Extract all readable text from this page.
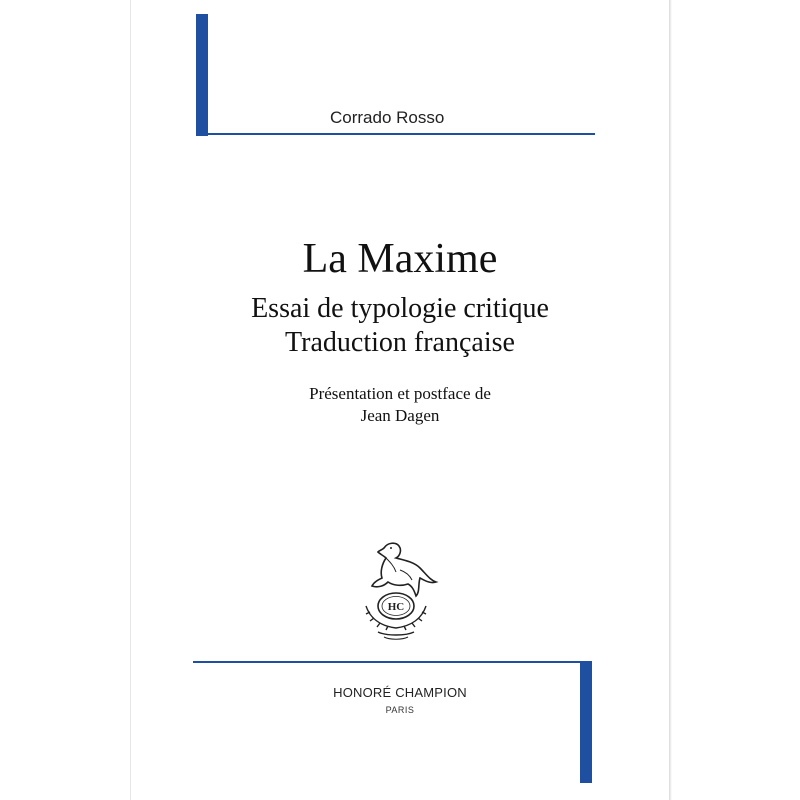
Corrado Rosso
La Maxime
Essai de typologie critique
Traduction française
Présentation et postface de
Jean Dagen
HC
HONORÉ CHAMPION
PARIS
